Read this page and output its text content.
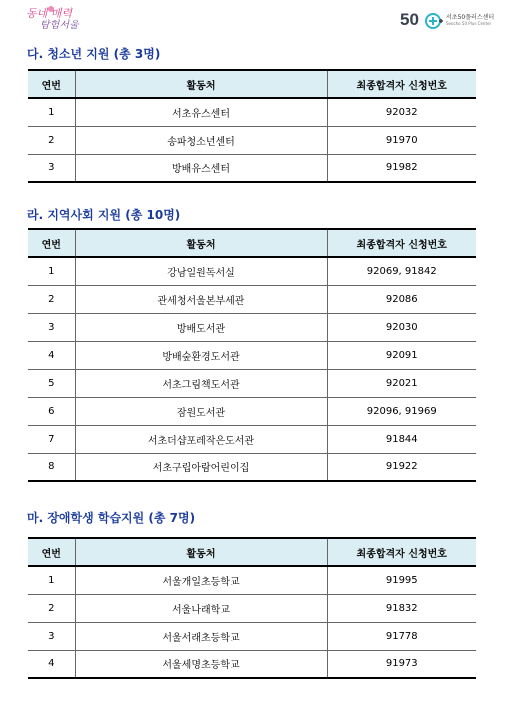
동네 매력
탐험서울	50	서초50플러스센터
Seocho 50 Plus Center
다. 청소년 지원 (총 3명)
연번	활동처	최종합격자 신청번호
1	서초유스센터	92032
2	송파청소년센터	91970
3	방배유스센터	91982
라. 지역사회 지원 (총 10명)
연번	활동처	최종합격자 신청번호
1	강남일원독서실	92069, 91842
2	관세청서울본부세관	92086
3	방배도서관	92030
4	방배숲환경도서관	92091
5	서초그림책도서관	92021
6	잠원도서관	92096, 91969
7	서초더샵포레작은도서관	91844
8	서초구립아람어린이집	91922
마. 장애학생 학습지원 (총 7명)
연번	활동처	최종합격자 신청번호
1	서울개일초등학교	91995
2	서울나래학교	91832
3	서울서래초등학교	91778
4	서울세명초등학교	91973
